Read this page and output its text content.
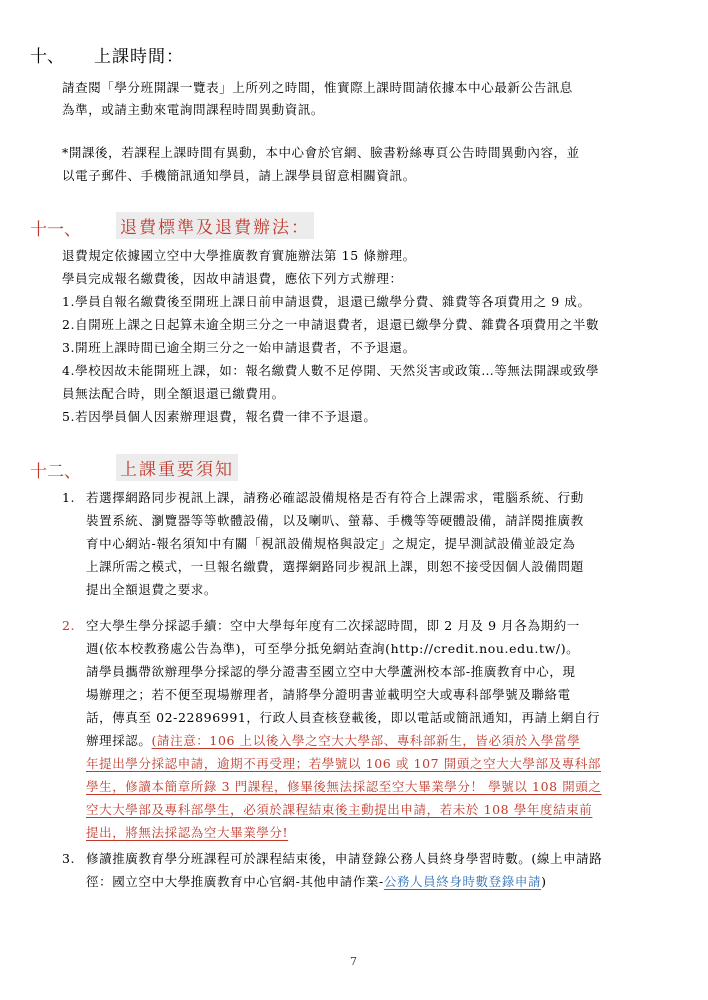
十、 上課時間：
請查閱「學分班開課一覽表」上所列之時間，惟實際上課時間請依據本中心最新公告訊息
為準，或請主動來電詢問課程時間異動資訊。
*開課後，若課程上課時間有異動，本中心會於官網、臉書粉絲專頁公告時間異動內容，並
以電子郵件、手機簡訊通知學員，請上課學員留意相關資訊。
十一、 退費標準及退費辦法：
退費規定依據國立空中大學推廣教育實施辦法第 15 條辦理。
學員完成報名繳費後，因故申請退費，應依下列方式辦理：
1.學員自報名繳費後至開班上課日前申請退費，退還已繳學分費、雜費等各項費用之 9 成。
2.自開班上課之日起算未逾全期三分之一申請退費者，退還已繳學分費、雜費各項費用之半數
3.開班上課時間已逾全期三分之一始申請退費者，不予退還。
4.學校因故未能開班上課，如：報名繳費人數不足停開、天然災害或政策…等無法開課或致學
員無法配合時，則全額退還已繳費用。
5.若因學員個人因素辦理退費，報名費一律不予退還。
十二、 上課重要須知
1. 若選擇網路同步視訊上課，請務必確認設備規格是否有符合上課需求，電腦系統、行動
裝置系統、瀏覽器等等軟體設備，以及喇叭、螢幕、手機等等硬體設備，請詳閱推廣教
育中心網站-報名須知中有關「視訊設備規格與設定」之規定，提早測試設備並設定為
上課所需之模式，一旦報名繳費，選擇網路同步視訊上課，則恕不接受因個人設備問題
提出全額退費之要求。
2. 空大學生學分採認手續：空中大學每年度有二次採認時間，即 2 月及 9 月各為期約一
週(依本校教務處公告為準)，可至學分抵免網站查詢(http://credit.nou.edu.tw/)。
請學員攜帶欲辦理學分採認的學分證書至國立空中大學蘆洲校本部-推廣教育中心，現
場辦理之；若不便至現場辦理者，請將學分證明書並載明空大或專科部學號及聯絡電
話，傳真至 02-22896991，行政人員查核登載後，即以電話或簡訊通知，再請上網自行
辦理採認。(請注意：106 上以後入學之空大大學部、專科部新生，皆必須於入學當學
年提出學分採認申請，逾期不再受理；若學號以 106 或 107 開頭之空大大學部及專科部
學生，修讀本簡章所錄 3 門課程，修畢後無法採認至空大畢業學分！ 學號以 108 開頭之
空大大學部及專科部學生，必須於課程結束後主動提出申請，若未於 108 學年度結束前
提出，將無法採認為空大畢業學分!
3. 修讀推廣教育學分班課程可於課程結束後，申請登錄公務人員終身學習時數。(線上申請路
徑：國立空中大學推廣教育中心官網-其他申請作業-公務人員終身時數登錄申請)
7
